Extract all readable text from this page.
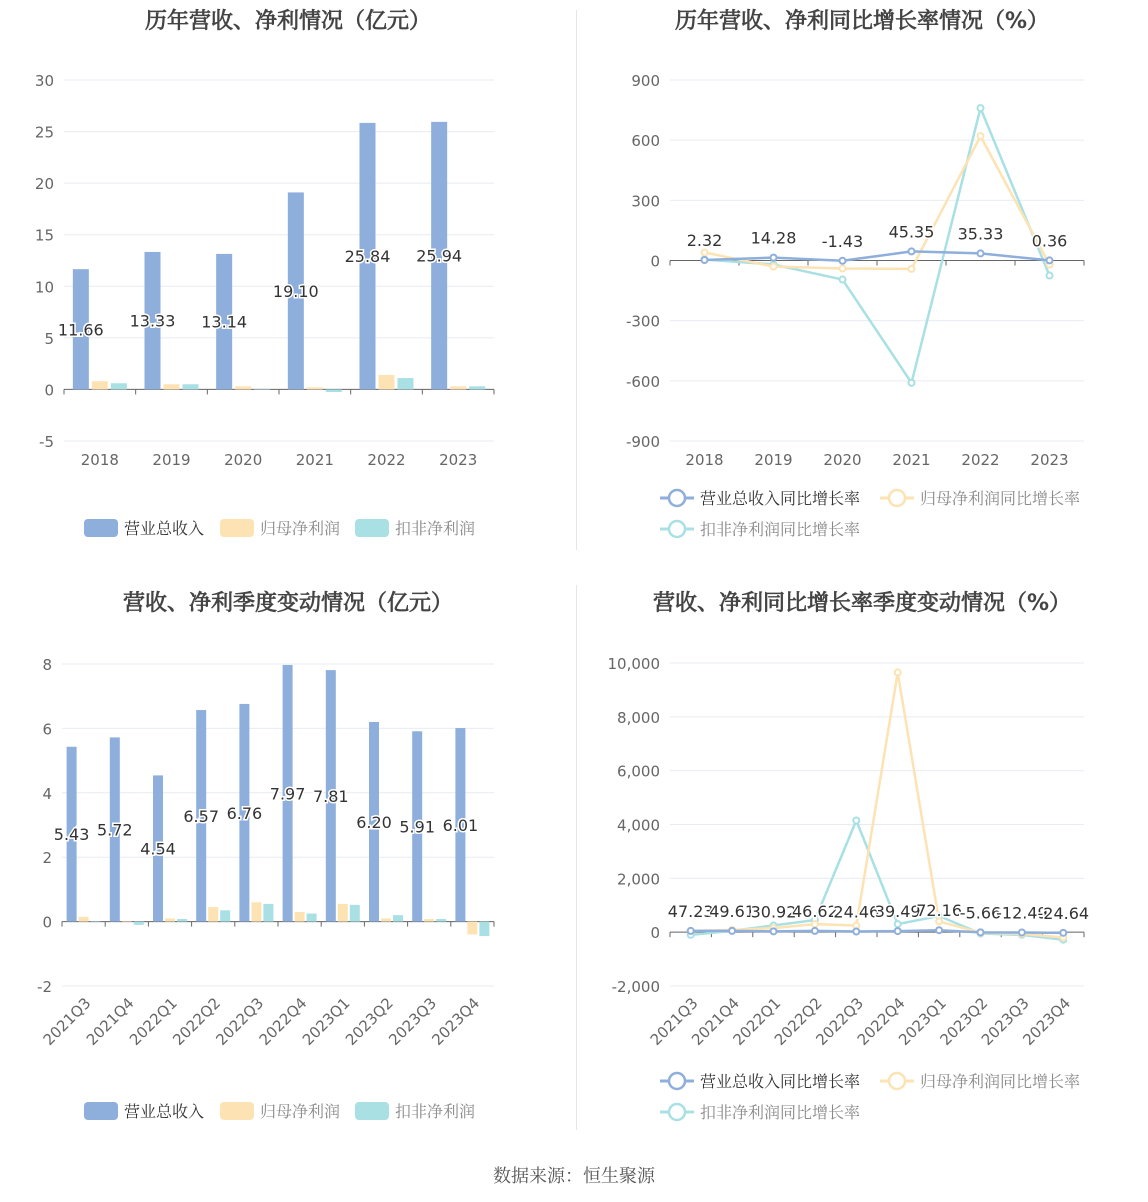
历年营收、净利情况（亿元）
-5
0
5
10
15
20
25
30
2018 2019 2020 2021 2022 2023
11.66 13.33 13.14
19.10
25.84 25.94
营业总收入	归母净利润	扣非净利润
历年营收、净利同比增长率情况（%）
-900
-600
-300
0
300
600
900
2018 2019 2020 2021 2022 2023
2.32 14.28 -1.43 45.35 35.33 0.36
营业总收入同比增长率	归母净利润同比增长率
扣非净利润同比增长率
营收、净利季度变动情况（亿元）
-2
0
2
4
6
8
2021Q3
2021Q4
2022Q1
2022Q2
2022Q3
2022Q4
2023Q1
2023Q2
2023Q3
2023Q4
5.43 5.72
4.54
6.57 6.76
7.97 7.81
6.20 5.91 6.01
营业总收入	归母净利润	扣非净利润
营收、净利同比增长率季度变动情况（%）
-2,000
0
2,000
4,000
6,000
8,000
10,000
2021Q3
2021Q4
2022Q1
2022Q2
2022Q3
2022Q4
2023Q1
2023Q2
2023Q3
2023Q4
47.23
49.61
30.92
46.62
24.46
39.49
72.16
-5.66
-12.49
-24.64
营业总收入同比增长率	归母净利润同比增长率
扣非净利润同比增长率
数据来源：恒生聚源
